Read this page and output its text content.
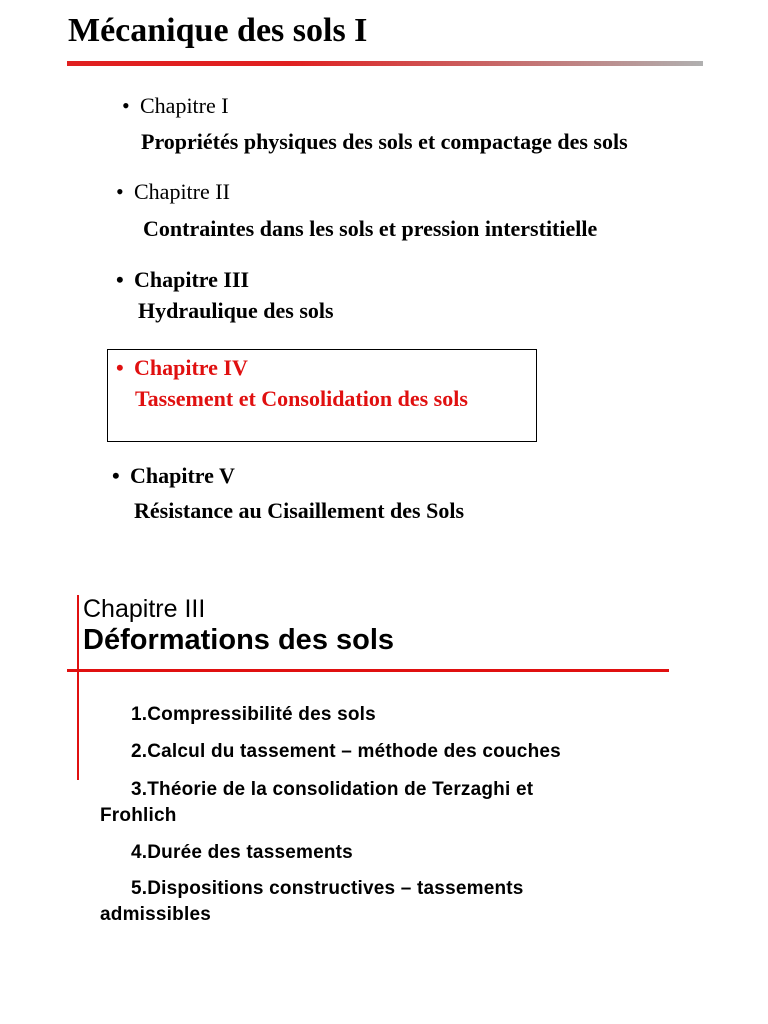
Mécanique des sols I
• Chapitre I
Propriétés physiques des sols et compactage des sols
• Chapitre II
Contraintes dans les sols et pression interstitielle
• Chapitre III
Hydraulique des sols
• Chapitre IV
Tassement et Consolidation des sols
• Chapitre V
Résistance au Cisaillement des Sols
Chapitre III
Déformations des sols
1.Compressibilité des sols
2.Calcul du tassement – méthode des couches
3.Théorie de la consolidation de Terzaghi et
Frohlich
4.Durée des tassements
5.Dispositions constructives – tassements
admissibles
